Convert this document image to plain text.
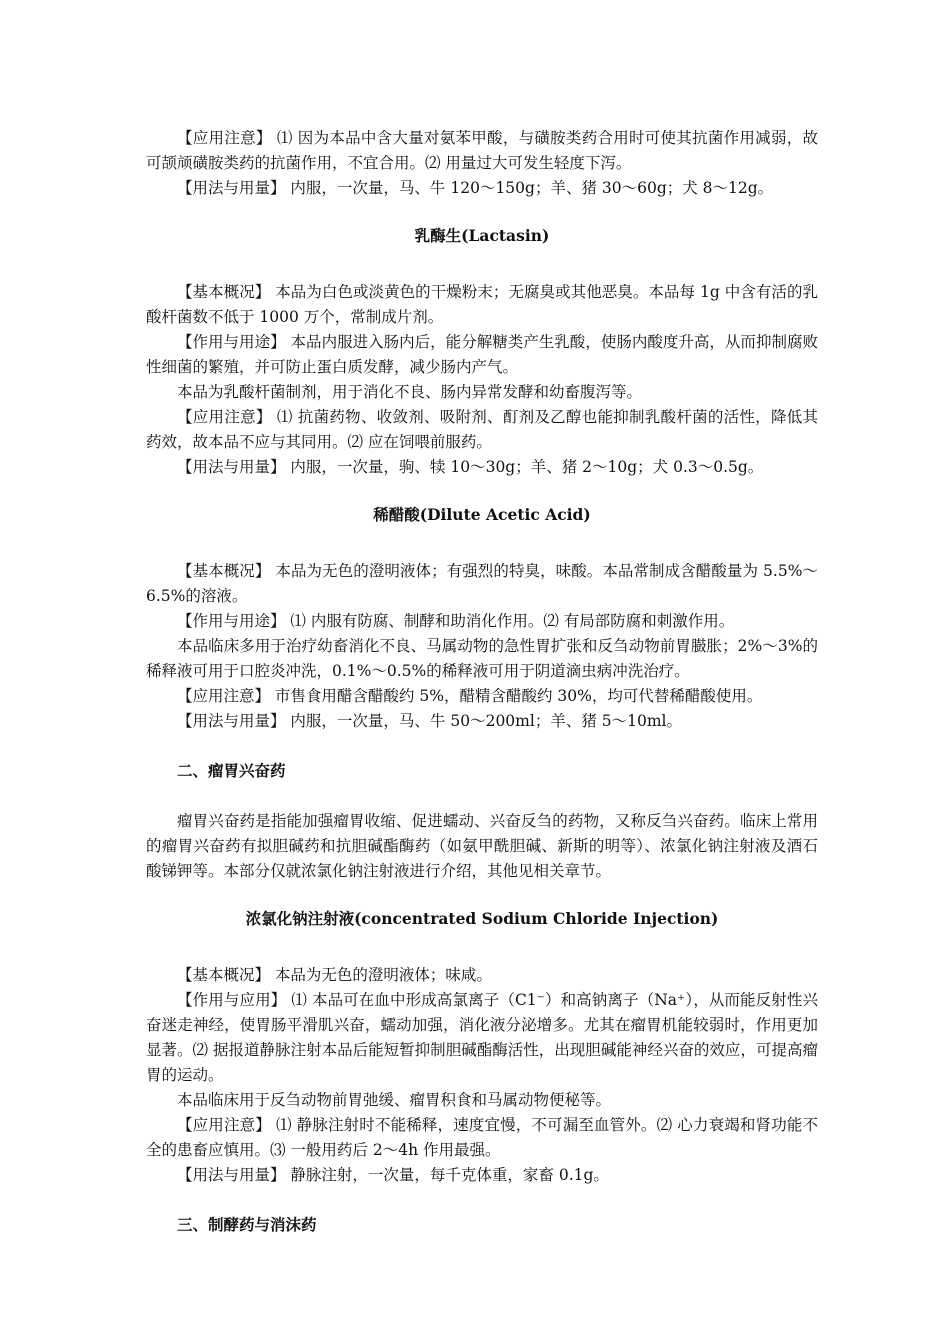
【应用注意】 ⑴ 因为本品中含大量对氨苯甲酸，与磺胺类药合用时可使其抗菌作用减弱，故可颉颃磺胺类药的抗菌作用，不宜合用。⑵ 用量过大可发生轻度下泻。

【用法与用量】 内服，一次量，马、牛 120～150g；羊、猪 30～60g；犬 8～12g。

乳酶生(Lactasin)

【基本概况】 本品为白色或淡黄色的干燥粉末；无腐臭或其他恶臭。本品每 1g 中含有活的乳酸杆菌数不低于 1000 万个，常制成片剂。

【作用与用途】 本品内服进入肠内后，能分解糖类产生乳酸，使肠内酸度升高，从而抑制腐败性细菌的繁殖，并可防止蛋白质发酵，减少肠内产气。

本品为乳酸杆菌制剂，用于消化不良、肠内异常发酵和幼畜腹泻等。

【应用注意】 ⑴ 抗菌药物、收敛剂、吸附剂、酊剂及乙醇也能抑制乳酸杆菌的活性，降低其药效，故本品不应与其同用。⑵ 应在饲喂前服药。

【用法与用量】 内服，一次量，驹、犊 10～30g；羊、猪 2～10g；犬 0.3～0.5g。

稀醋酸(Dilute Acetic Acid)

【基本概况】 本品为无色的澄明液体；有强烈的特臭，味酸。本品常制成含醋酸量为 5.5%～6.5%的溶液。

【作用与用途】 ⑴ 内服有防腐、制酵和助消化作用。⑵ 有局部防腐和刺激作用。

本品临床多用于治疗幼畜消化不良、马属动物的急性胃扩张和反刍动物前胃臌胀；2%～3%的稀释液可用于口腔炎冲洗，0.1%～0.5%的稀释液可用于阴道滴虫病冲洗治疗。

【应用注意】 市售食用醋含醋酸约 5%，醋精含醋酸约 30%，均可代替稀醋酸使用。

【用法与用量】 内服，一次量，马、牛 50～200ml；羊、猪 5～10ml。

二、瘤胃兴奋药

瘤胃兴奋药是指能加强瘤胃收缩、促进蠕动、兴奋反刍的药物，又称反刍兴奋药。临床上常用的瘤胃兴奋药有拟胆碱药和抗胆碱酯酶药（如氨甲酰胆碱、新斯的明等）、浓氯化钠注射液及酒石酸锑钾等。本部分仅就浓氯化钠注射液进行介绍，其他见相关章节。

浓氯化钠注射液(concentrated Sodium Chloride Injection)

【基本概况】 本品为无色的澄明液体；味咸。

【作用与应用】 ⑴ 本品可在血中形成高氯离子（C1⁻）和高钠离子（Na⁺），从而能反射性兴奋迷走神经，使胃肠平滑肌兴奋，蠕动加强，消化液分泌增多。尤其在瘤胃机能较弱时，作用更加显著。⑵ 据报道静脉注射本品后能短暂抑制胆碱酯酶活性，出现胆碱能神经兴奋的效应，可提高瘤胃的运动。

本品临床用于反刍动物前胃弛缓、瘤胃积食和马属动物便秘等。

【应用注意】 ⑴ 静脉注射时不能稀释，速度宜慢，不可漏至血管外。⑵ 心力衰竭和肾功能不全的患畜应慎用。⑶ 一般用药后 2～4h 作用最强。

【用法与用量】 静脉注射，一次量，每千克体重，家畜 0.1g。

三、制酵药与消沫药
